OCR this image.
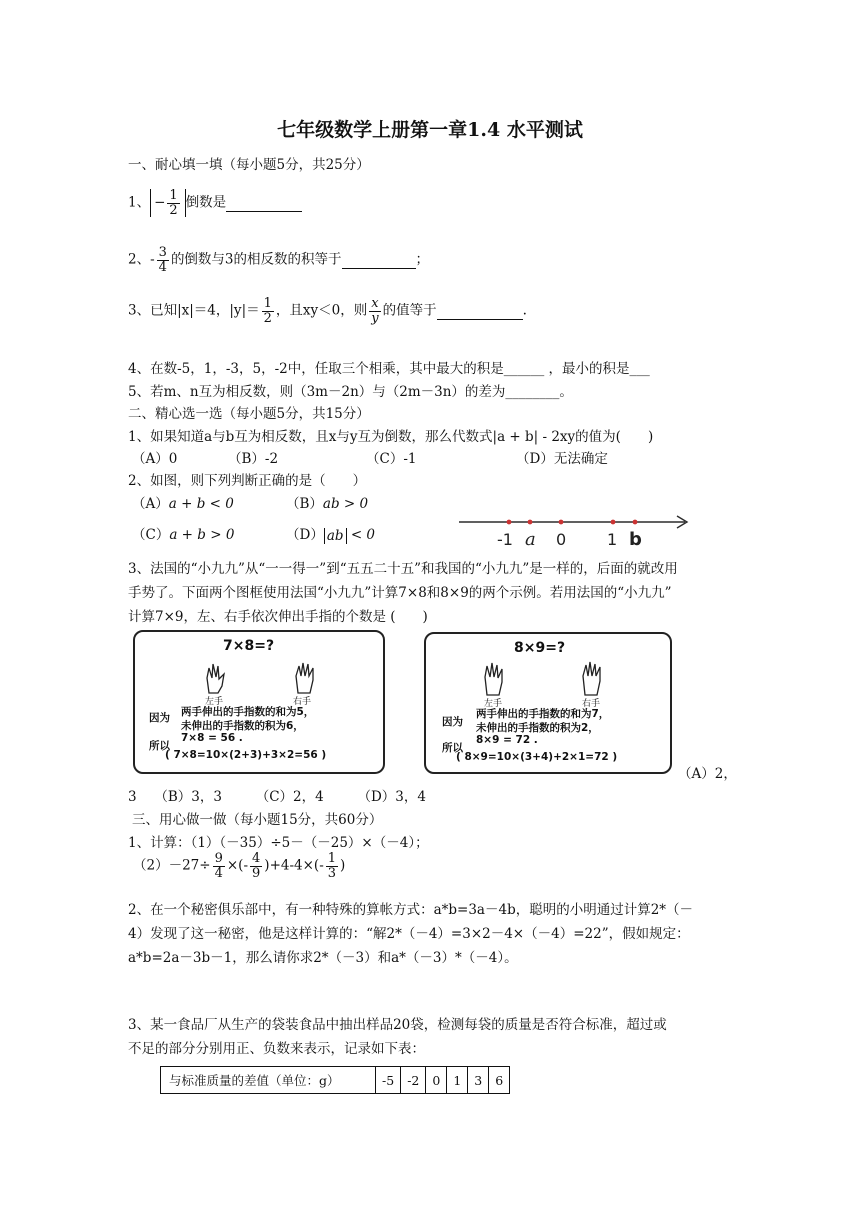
七年级数学上册第一章1.4 水平测试
一、耐心填一填（每小题5分，共25分）
1、 − $\frac{1}{2}$ 倒数是
2、- $\frac{3}{4}$ 的倒数与3的相反数的积等于	；
3、已知|x|＝4，$|y|= \frac{1}{2}$ ，且xy＜0，则 $\frac{x}{y}$ 的值等于	.
4、在数-5，1，-3，5，-2中，任取三个相乘，其中最大的积是______ ，最小的积是___
5、若m、n互为相反数，则（3m－2n）与（2m－3n）的差为________。
二、精心选一选（每小题5分，共15分）
1、如果知道a与b互为相反数，且x与y互为倒数，那么代数式|a + b| - 2xy的值为(　　)
（A）0	（B）-2	（C）-1	（D）无法确定
2、如图，则下列判断正确的是（　　）
（A）a + b < 0	（B）ab > 0
（C）a + b > 0	（D） ab < 0	-1 a 0	1 b
3、法国的“小九九”从“一一得一”到“五五二十五”和我国的“小九九”是一样的，后面的就改用
手势了。下面两个图框使用法国“小九九”计算7×8和8×9的两个示例。若用法国的“小九九”
计算7×9，左、右手依次伸出手指的个数是 (　　)
7×8=?
左手	右手
因为 两手伸出的手指数的和为5，
未伸出的手指数的积为6，
7×8 = 56 .
所以
( 7×8=10×(2+3)+3×2=56 )
8×9=?
左手	右手
因为
两手伸出的手指数的和为7，
未伸出的手指数的积为2，
8×9 = 72 .
所以
( 8×9=10×(3+4)+2×1=72 )
（A）2，
3　 （B）3，3　　　（C）2，4　　　（D）3，4
三、用心做一做（每小题15分，共60分）
1、计算：（1）（－35）÷5－（－25）×（－4）；
$(2)-27\div \frac{9}{4}$ ×(- $\frac{4}{9} )+4-4\times(- \frac{1}{3}$ )
2、在一个秘密俱乐部中，有一种特殊的算帐方式：a*b=3a－4b，聪明的小明通过计算2*（－
4）发现了这一秘密，他是这样计算的：“解2*（－4）=3×2－4×（－4）=22”，假如规定：
a*b=2a－3b－1，那么请你求2*（－3）和a*（－3）*（－4）。
3、某一食品厂从生产的袋装食品中抽出样品20袋，检测每袋的质量是否符合标准，超过或
不足的部分分别用正、负数来表示，记录如下表：
与标准质量的差值（单位：g）	-5	-2	0	1	3	6
